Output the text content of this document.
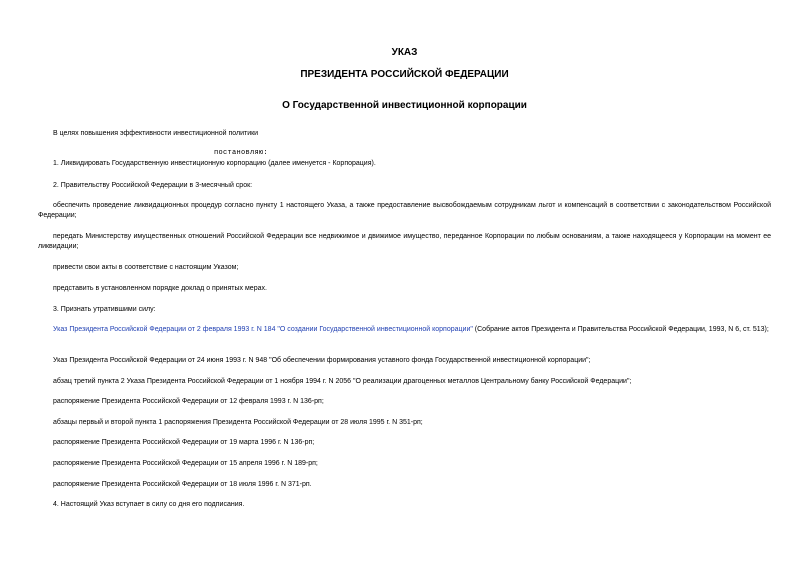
УКАЗ
ПРЕЗИДЕНТА РОССИЙСКОЙ ФЕДЕРАЦИИ
О Государственной инвестиционной корпорации
В целях повышения эффективности инвестиционной политики
постановляю:
1. Ликвидировать Государственную инвестиционную корпорацию (далее именуется - Корпорация).
2. Правительству Российской Федерации в 3-месячный срок:
обеспечить проведение ликвидационных процедур согласно пункту 1 настоящего Указа, а также предоставление высвобождаемым сотрудникам льгот и компенсаций в соответствии с законодательством Российской Федерации;
передать Министерству имущественных отношений Российской Федерации все недвижимое и движимое имущество, переданное Корпорации по любым основаниям, а также находящееся у Корпорации на момент ее ликвидации;
привести свои акты в соответствие с настоящим Указом;
представить в установленном порядке доклад о принятых мерах.
3. Признать утратившими силу:
Указ Президента Российской Федерации от 2 февраля 1993 г. N 184 "О создании Государственной инвестиционной корпорации" (Собрание актов Президента и Правительства Российской Федерации, 1993, N 6, ст. 513);
Указ Президента Российской Федерации от 24 июня 1993 г. N 948 "Об обеспечении формирования уставного фонда Государственной инвестиционной корпорации";
абзац третий пункта 2 Указа Президента Российской Федерации от 1 ноября 1994 г. N 2056 "О реализации драгоценных металлов Центральному банку Российской Федерации";
распоряжение Президента Российской Федерации от 12 февраля 1993 г. N 136-рп;
абзацы первый и второй пункта 1 распоряжения Президента Российской Федерации от 28 июля 1995 г. N 351-рп;
распоряжение Президента Российской Федерации от 19 марта 1996 г. N 136-рп;
распоряжение Президента Российской Федерации от 15 апреля 1996 г. N 189-рп;
распоряжение Президента Российской Федерации от 18 июля 1996 г. N 371-рп.
4. Настоящий Указ вступает в силу со дня его подписания.
